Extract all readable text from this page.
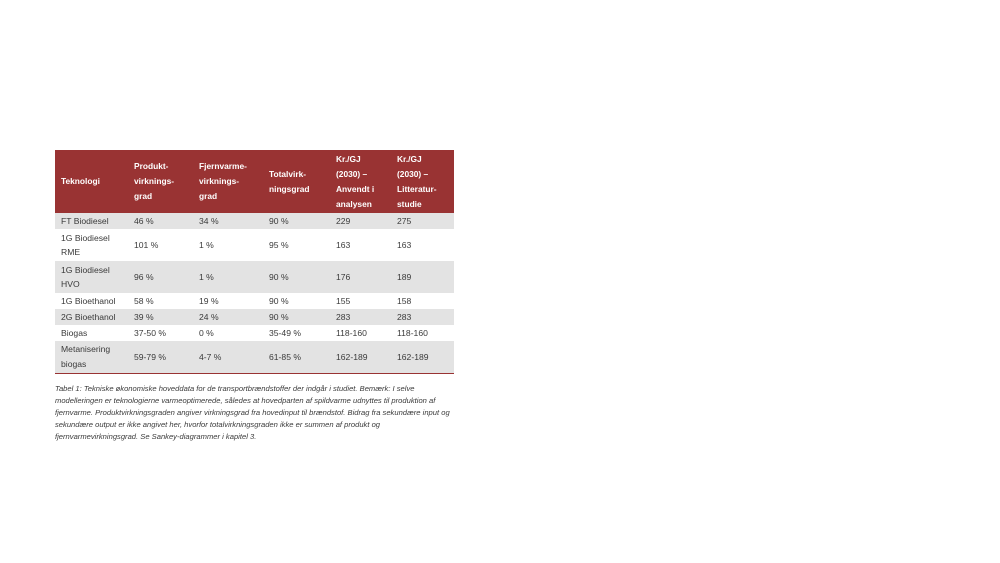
Teknologi	Produkt-
virknings-
grad	Fjernvarme-
virknings-
grad	Totalvirk-
ningsgrad	Kr./GJ
(2030) –
Anvendt i
analysen	Kr./GJ
(2030) –
Litteratur-
studie
FT Biodiesel	46 %	34 %	90 %	229	275
1G Biodiesel
RME	101 %	1 %	95 %	163	163
1G Biodiesel
HVO	96 %	1 %	90 %	176	189
1G Bioethanol	58 %	19 %	90 %	155	158
2G Bioethanol	39 %	24 %	90 %	283	283
Biogas	37-50 %	0 %	35-49 %	118-160	118-160
Metanisering
biogas	59-79 %	4-7 %	61-85 %	162-189	162-189

Tabel 1: Tekniske økonomiske hoveddata for de transportbrændstoffer der indgår i studiet. Bemærk: I selve modelleringen er teknologierne varmeoptimerede, således at hovedparten af spildvarme udnyttes til produktion af fjernvarme. Produktvirkningsgraden angiver virkningsgrad fra hovedinput til brændstof. Bidrag fra sekundære input og sekundære output er ikke angivet her, hvorfor totalvirkningsgraden ikke er summen af produkt og fjernvarmevirkningsgrad. Se Sankey-diagrammer i kapitel 3.
